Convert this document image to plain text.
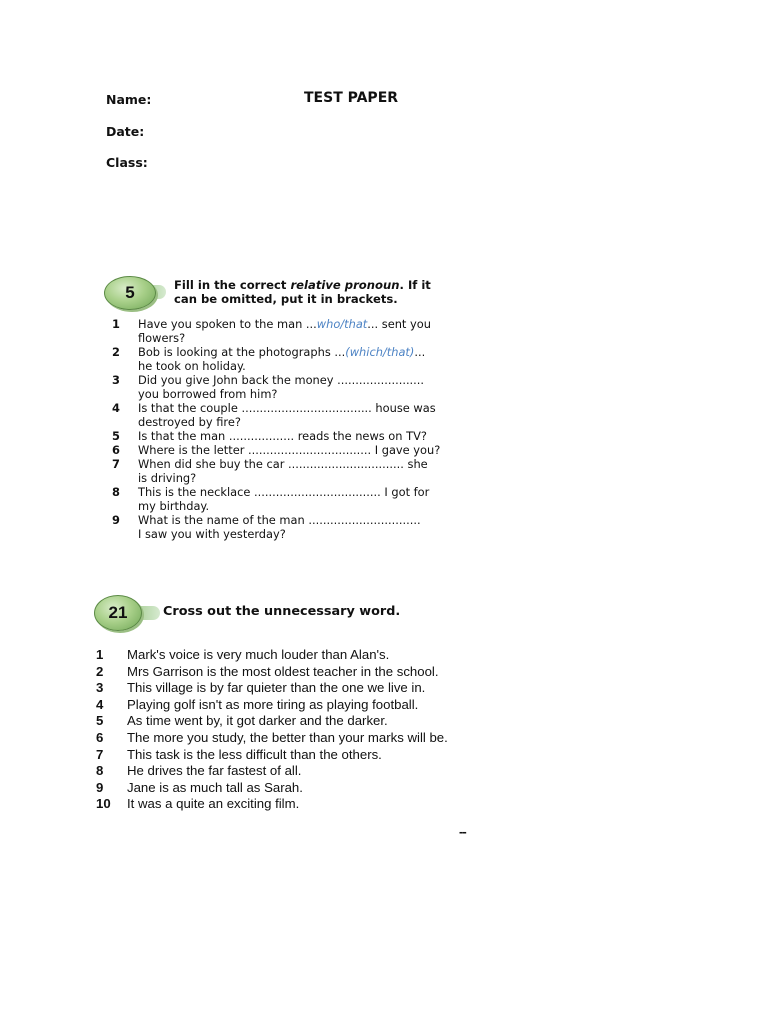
Name:	TEST PAPER
Date:
Class:
5	Fill in the correct relative pronoun. If it
can be omitted, put it in brackets.
1	Have you spoken to the man ...who/that... sent you
flowers?
2	Bob is looking at the photographs ...(which/that)...
he took on holiday.
3	Did you give John back the money ........................
you borrowed from him?
4	Is that the couple .................................... house was
destroyed by fire?
5	Is that the man .................. reads the news on TV?
6	Where is the letter .................................. I gave you?
7	When did she buy the car ................................ she
is driving?
8	This is the necklace ................................... I got for
my birthday.
9	What is the name of the man ...............................
I saw you with yesterday?
21	Cross out the unnecessary word.
1	Mark's voice is very much louder than Alan's.
2	Mrs Garrison is the most oldest teacher in the school.
3	This village is by far quieter than the one we live in.
4	Playing golf isn't as more tiring as playing football.
5	As time went by, it got darker and the darker.
6	The more you study, the better than your marks will be.
7	This task is the less difficult than the others.
8	He drives the far fastest of all.
9	Jane is as much tall as Sarah.
10	It was a quite an exciting film.
--
